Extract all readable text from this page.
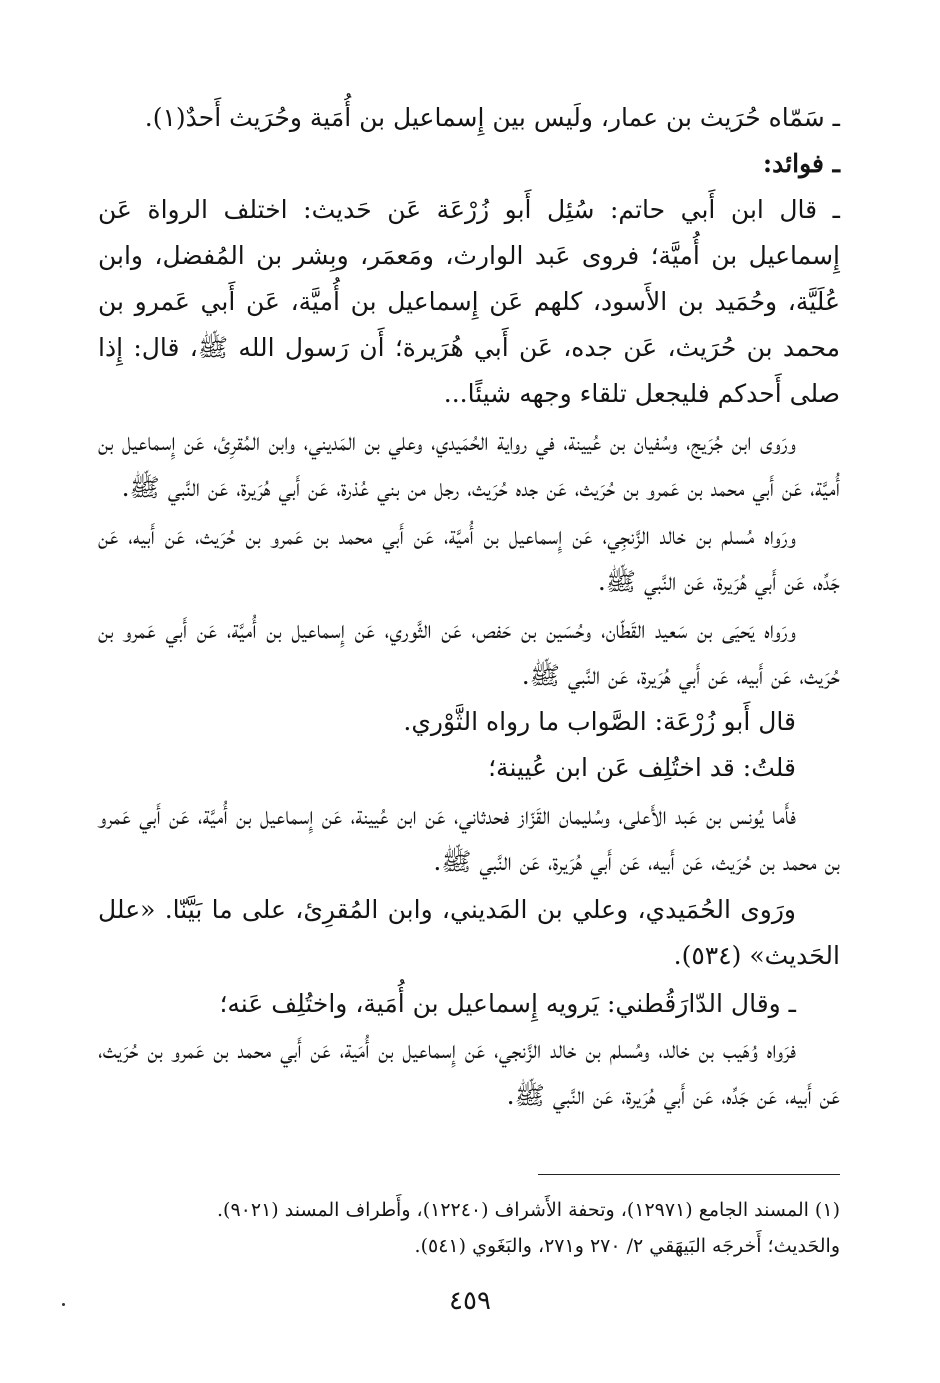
ـ سَمّاه حُرَيث بن عمار، ولَيس بين إِسماعيل بن أُمَية وحُرَيث أَحدٌ(١).

ـ فوائد:

ـ قال ابن أَبي حاتم: سُئِل أَبو زُرْعَة عَن حَديث: اختلف الرواة عَن إِسماعيل بن أُميَّة؛ فروى عَبد الوارث، ومَعمَر، وبِشر بن المُفضل، وابن عُلَيَّة، وحُمَيد بن الأَسود، كلهم عَن إِسماعيل بن أُميَّة، عَن أَبي عَمرو بن محمد بن حُرَيث، عَن جده، عَن أَبي هُرَيرة؛ أَن رَسول الله ﷺ، قال: إِذا صلى أَحدكم فليجعل تلقاء وجهه شيئًا...

ورَوى ابن جُرَيج، وسُفيان بن عُيينة، في رواية الحُمَيدي، وعلي بن المَديني، وابن المُقرِئ، عَن إِسماعيل بن أُميَّة، عَن أَبي محمد بن عَمرو بن حُرَيث، عَن جده حُرَيث، رجل من بني عُذرة، عَن أَبي هُرَيرة، عَن النَّبي ﷺ.

ورَواه مُسلم بن خالد الزَّنجِي، عَن إِسماعيل بن أُميَّة، عَن أَبي محمد بن عَمرو بن حُرَيث، عَن أَبيه، عَن جَدِّه، عَن أَبي هُرَيرة، عَن النَّبي ﷺ.

ورَواه يَحيَى بن سَعيد القَطّان، وحُسَين بن حَفص، عَن الثَّوري، عَن إِسماعيل بن أُميَّة، عَن أَبي عَمرو بن حُرَيث، عَن أَبيه، عَن أَبي هُرَيرة، عَن النَّبي ﷺ.

قال أَبو زُرْعَة: الصَّواب ما رواه الثَّوْري.

قلتُ: قد اختُلِف عَن ابن عُيينة؛

فأَما يُونس بن عَبد الأَعلى، وسُليمان القَزّاز فحدثاني، عَن ابن عُيينة، عَن إِسماعيل بن أُميَّة، عَن أَبي عَمرو بن محمد بن حُرَيث، عَن أَبيه، عَن أَبي هُرَيرة، عَن النَّبي ﷺ.

ورَوى الحُمَيدي، وعلي بن المَديني، وابن المُقرِئ، على ما بَيَّنّا. «علل الحَديث» (٥٣٤).

ـ وقال الدّارَقُطني: يَرويه إِسماعيل بن أُمَية، واختُلِف عَنه؛

فرَواه وُهَيب بن خالد، ومُسلم بن خالد الزَّنجي، عَن إِسماعيل بن أُمَية، عَن أَبي محمد بن عَمرو بن حُرَيث، عَن أَبيه، عَن جَدِّه، عَن أَبي هُرَيرة، عَن النَّبي ﷺ.

(١) المسند الجامع (١٢٩٧١)، وتحفة الأَشراف (١٢٢٤٠)، وأَطراف المسند (٩٠٢١).

والحَديث؛ أَخرجَه البَيهَقي ٢/ ٢٧٠ و٢٧١، والبَغَوي (٥٤١).

٤٥٩
